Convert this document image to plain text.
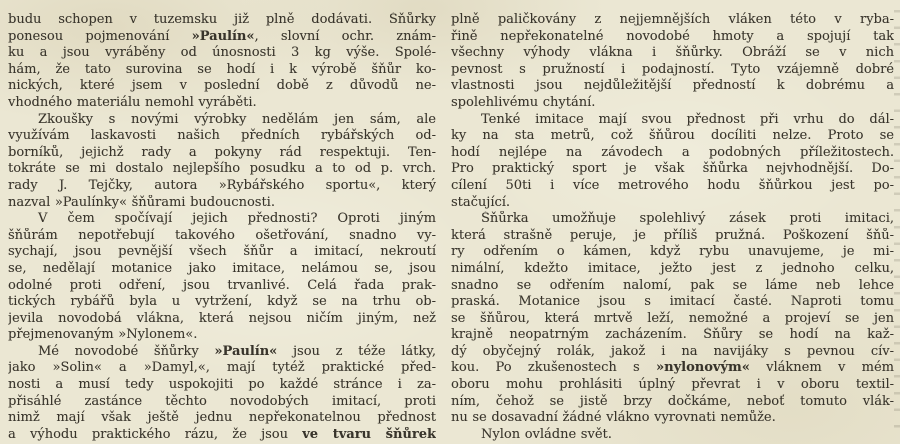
budu schopen v tuzemsku již plně dodávati. Šňůrky
ponesou pojmenování »Paulín«, slovní ochr. znám-
ku a jsou vyráběny od únosnosti 3 kg výše. Spolé-
hám, že tato surovina se hodí i k výrobě šňůr ko-
nických, které jsem v poslední době z důvodů ne-
vhodného materiálu nemohl vyráběti.
Zkoušky s novými výrobky nedělám jen sám, ale
využívám laskavosti našich předních rybářských od-
borníků, jejichž rady a pokyny rád respektuji. Ten-
tokráte se mi dostalo nejlepšího posudku a to od p. vrch.
rady J. Tejčky, autora »Rybářského sportu«, který
nazval »Paulínky« šňůrami budoucnosti.
V čem spočívají jejich přednosti? Oproti jiným
šňůrám nepotřebují takového ošetřování, snadno vy-
sychají, jsou pevnější všech šňůr a imitací, nekroutí
se, nedělají motanice jako imitace, nelámou se, jsou
odolné proti odření, jsou trvanlivé. Celá řada prak-
tických rybářů byla u vytržení, když se na trhu ob-
jevila novodobá vlákna, která nejsou ničím jiným, než
přejmenovaným »Nylonem«.
Mé novodobé šňůrky »Paulín« jsou z téže látky,
jako »Solin« a »Damyl,«, mají tytéž praktické před-
nosti a musí tedy uspokojiti po každé stránce i za-
přisáhlé zastánce těchto novodobých imitací, proti
nimž mají však ještě jednu nepřekonatelnou přednost
a výhodu praktického rázu, že jsou ve tvaru šňůrek
plně paličkovány z nejjemnějších vláken této v ryba-
řině nepřekonatelné novodobé hmoty a spojují tak
všechny výhody vlákna i šňůrky. Obráží se v nich
pevnost s pružností i podajností. Tyto vzájemně dobré
vlastnosti jsou nejdůležitější předností k dobrému a
spolehlivému chytání.
Tenké imitace mají svou přednost při vrhu do dál-
ky na sta metrů, což šňůrou docíliti nelze. Proto se
hodí nejlépe na závodech a podobných příležitostech.
Pro praktický sport je však šňůrka nejvhodnější. Do-
cílení 50ti i více metrového hodu šňůrkou jest po-
stačující.
Šňůrka umožňuje spolehlivý zásek proti imitaci,
která strašně peruje, je příliš pružná. Poškození šňů-
ry odřením o kámen, když rybu unavujeme, je mi-
nimální, kdežto imitace, ježto jest z jednoho celku,
snadno se odřením nalomí, pak se láme neb lehce
praská. Motanice jsou s imitací časté. Naproti tomu
se šňůrou, která mrtvě leží, nemožné a projeví se jen
krajně neopatrným zacházením. Šňůry se hodí na kaž-
dý obyčejný rolák, jakož i na navijáky s pevnou cív-
kou. Po zkušenostech s »nylonovým« vláknem v mém
oboru mohu prohlásiti úplný převrat i v oboru textil-
ním, čehož se jistě brzy dočkáme, neboť tomuto vlák-
nu se dosavadní žádné vlákno vyrovnati nemůže.
Nylon ovládne svět.
